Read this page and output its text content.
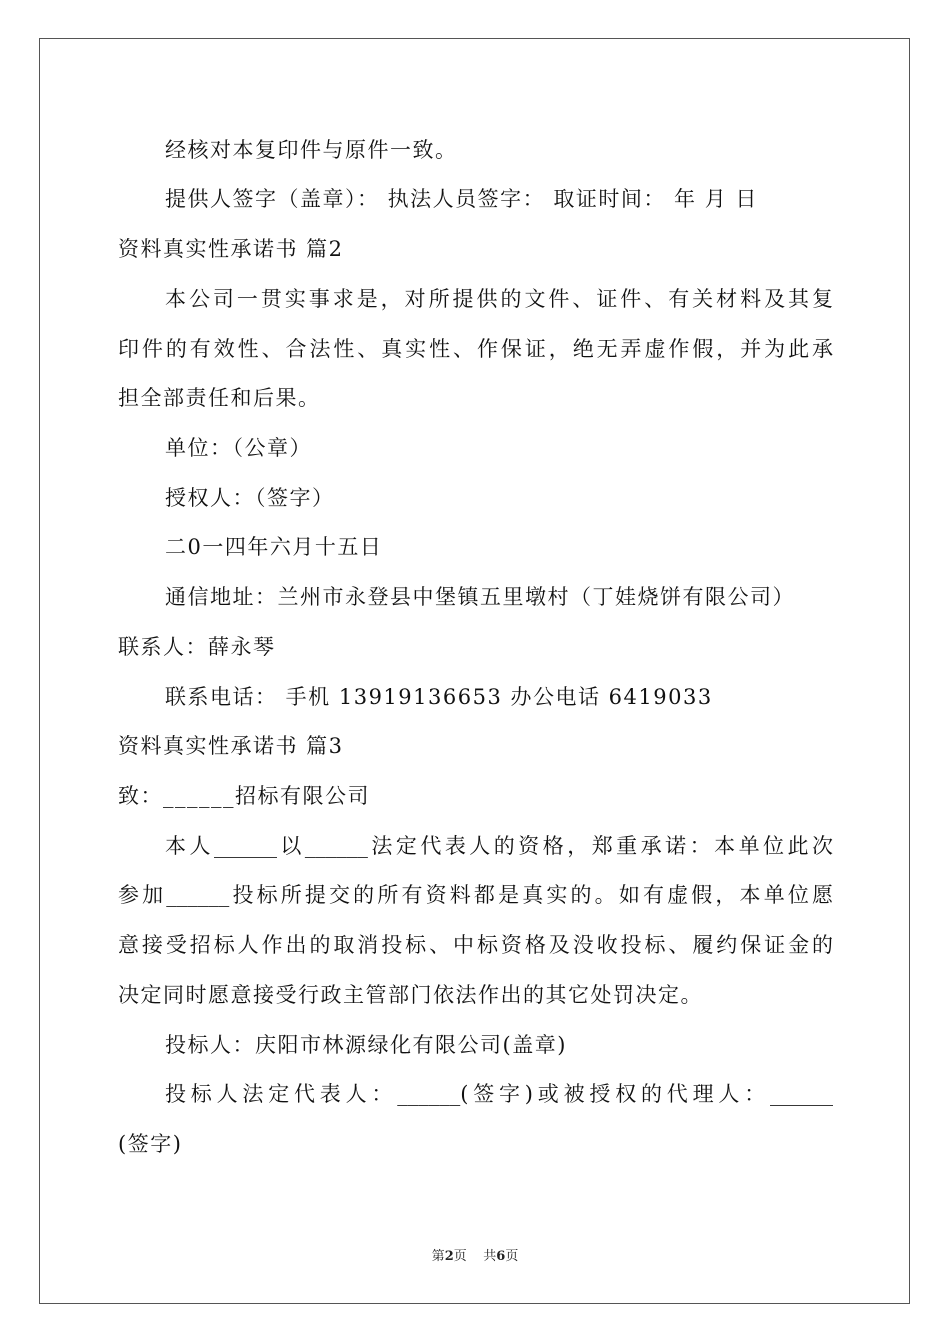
经核对本复印件与原件一致。
提供人签字（盖章）： 执法人员签字： 取证时间： 年 月 日
资料真实性承诺书 篇2
本公司一贯实事求是，对所提供的文件、证件、有关材料及其复
印件的有效性、合法性、真实性、作保证，绝无弄虚作假，并为此承
担全部责任和后果。
单位：（公章）
授权人：（签字）
二0一四年六月十五日
通信地址：兰州市永登县中堡镇五里墩村（丁娃烧饼有限公司）
联系人：薛永琴
联系电话： 手机 13919136653 办公电话 6419033
资料真实性承诺书 篇3
致：______招标有限公司
本人______以______法定代表人的资格，郑重承诺：本单位此次
参加______投标所提交的所有资料都是真实的。如有虚假，本单位愿
意接受招标人作出的取消投标、中标资格及没收投标、履约保证金的
决定同时愿意接受行政主管部门依法作出的其它处罚决定。
投标人：庆阳市林源绿化有限公司(盖章)
投标人法定代表人：______(签字)或被授权的代理人：______
(签字)
第2页    共6页
